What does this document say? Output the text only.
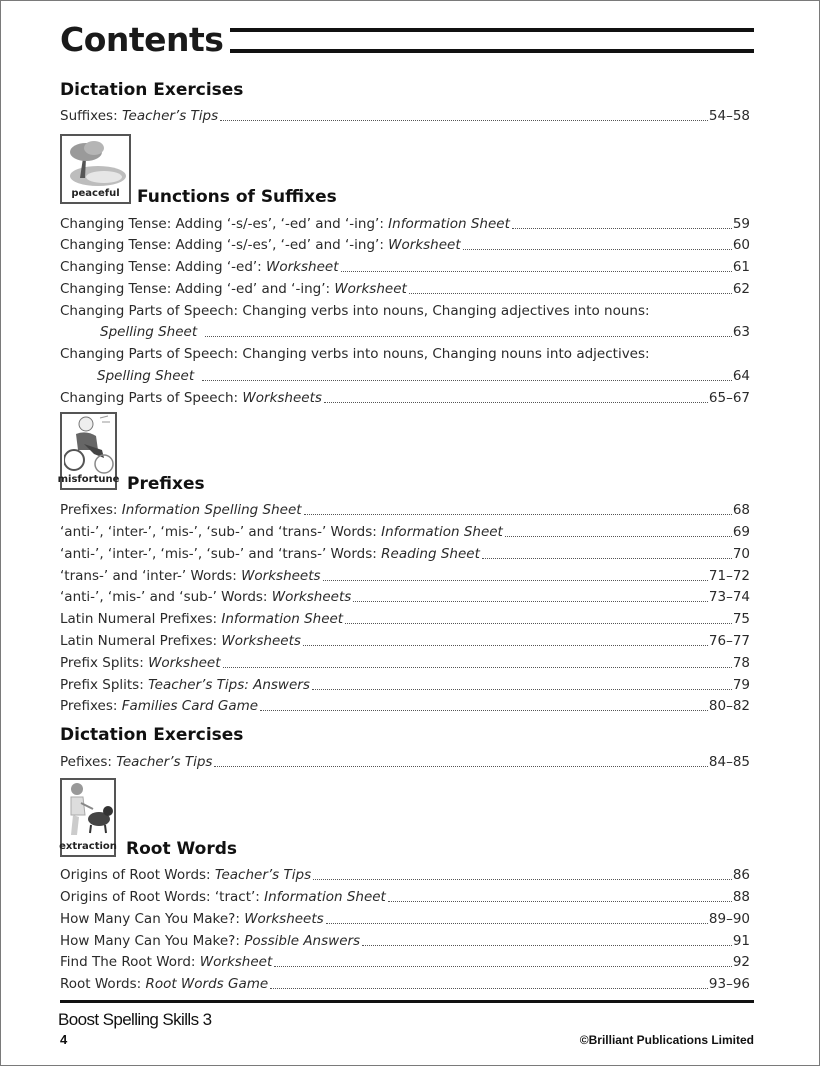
Contents
Dictation Exercises
Suffixes: Teacher’s Tips	54–58
peaceful Functions of Suffixes
Changing Tense: Adding ‘-s/-es’, ‘-ed’ and ‘-ing’: Information Sheet	59
Changing Tense: Adding ‘-s/-es’, ‘-ed’ and ‘-ing’: Worksheet	60
Changing Tense: Adding ‘-ed’: Worksheet	61
Changing Tense: Adding ‘-ed’ and ‘-ing’: Worksheet	62
Changing Parts of Speech: Changing verbs into nouns, Changing adjectives into nouns:
Spelling Sheet	63
Changing Parts of Speech: Changing verbs into nouns, Changing nouns into adjectives:
Spelling Sheet	64
Changing Parts of Speech: Worksheets	65–67
misfortune Prefixes
Prefixes: Information Spelling Sheet	68
‘anti-’, ‘inter-’, ‘mis-’, ‘sub-’ and ‘trans-’ Words: Information Sheet	69
‘anti-’, ‘inter-’, ‘mis-’, ‘sub-’ and ‘trans-’ Words: Reading Sheet	70
‘trans-’ and ‘inter-’ Words: Worksheets	71–72
‘anti-’, ‘mis-’ and ‘sub-’ Words: Worksheets	73–74
Latin Numeral Prefixes: Information Sheet	75
Latin Numeral Prefixes: Worksheets	76–77
Prefix Splits: Worksheet	78
Prefix Splits: Teacher’s Tips: Answers	79
Prefixes: Families Card Game	80–82
Dictation Exercises
Pefixes: Teacher’s Tips	84–85
extraction Root Words
Origins of Root Words: Teacher’s Tips	86
Origins of Root Words: ‘tract’: Information Sheet	88
How Many Can You Make?: Worksheets	89–90
How Many Can You Make?: Possible Answers	91
Find The Root Word: Worksheet	92
Root Words: Root Words Game	93–96
Boost Spelling Skills 3
4	©Brilliant Publications Limited
